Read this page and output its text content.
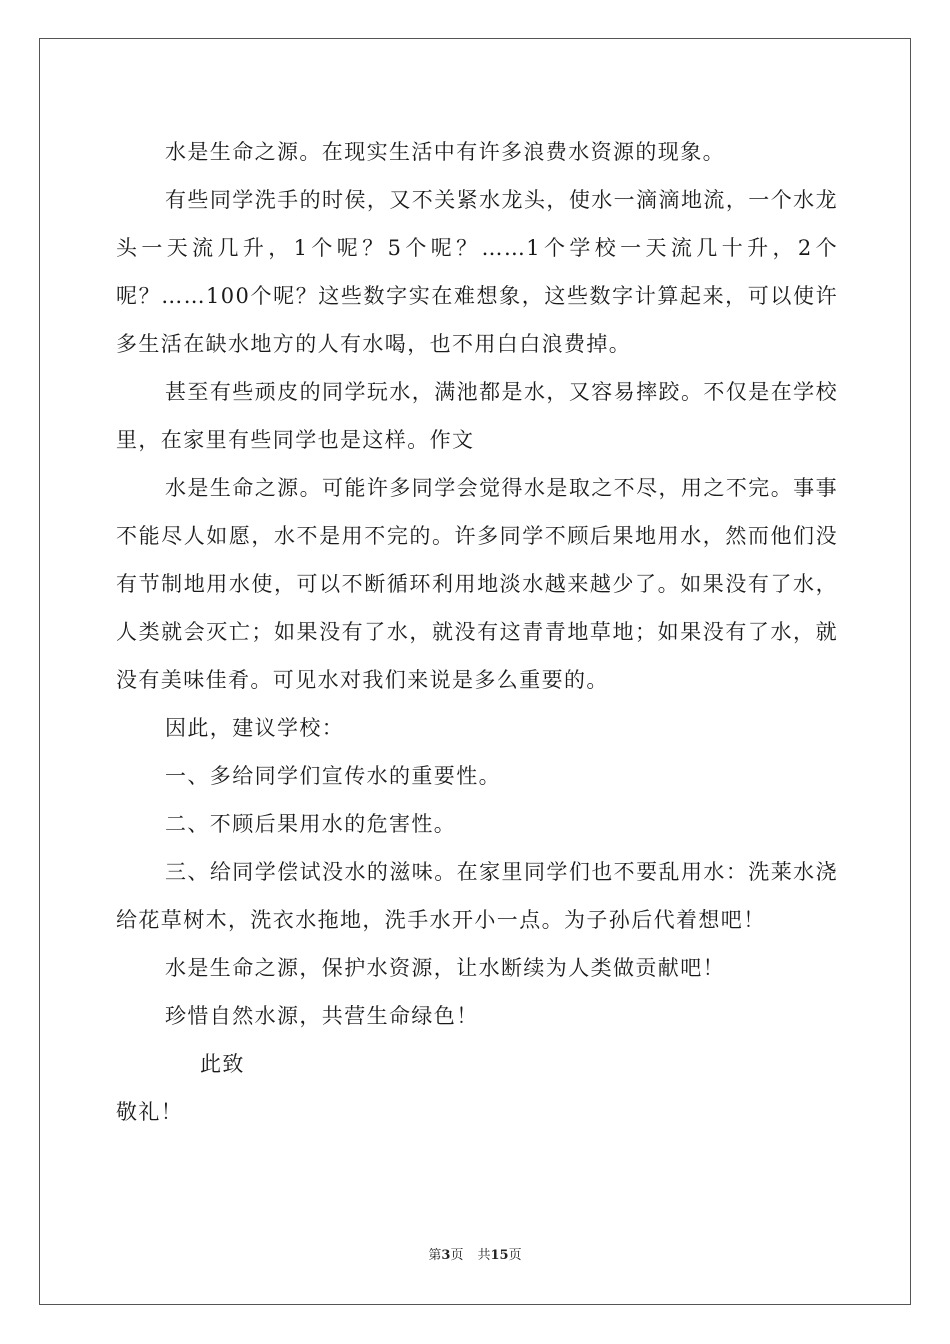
水是生命之源。在现实生活中有许多浪费水资源的现象。

有些同学洗手的时侯，又不关紧水龙头，使水一滴滴地流，一个水龙头一天流几升，1个呢？5个呢？……1个学校一天流几十升，2个呢？……100个呢？这些数字实在难想象，这些数字计算起来，可以使许多生活在缺水地方的人有水喝，也不用白白浪费掉。

甚至有些顽皮的同学玩水，满池都是水，又容易摔跤。不仅是在学校里，在家里有些同学也是这样。作文

水是生命之源。可能许多同学会觉得水是取之不尽，用之不完。事事不能尽人如愿，水不是用不完的。许多同学不顾后果地用水，然而他们没有节制地用水使，可以不断循环利用地淡水越来越少了。如果没有了水，人类就会灭亡；如果没有了水，就没有这青青地草地；如果没有了水，就没有美味佳肴。可见水对我们来说是多么重要的。

因此，建议学校：

一、多给同学们宣传水的重要性。

二、不顾后果用水的危害性。

三、给同学偿试没水的滋味。在家里同学们也不要乱用水：洗莱水浇给花草树木，洗衣水拖地，洗手水开小一点。为子孙后代着想吧！

水是生命之源，保护水资源，让水断续为人类做贡献吧！

珍惜自然水源，共营生命绿色！

此致

敬礼！

第3页 共15页
